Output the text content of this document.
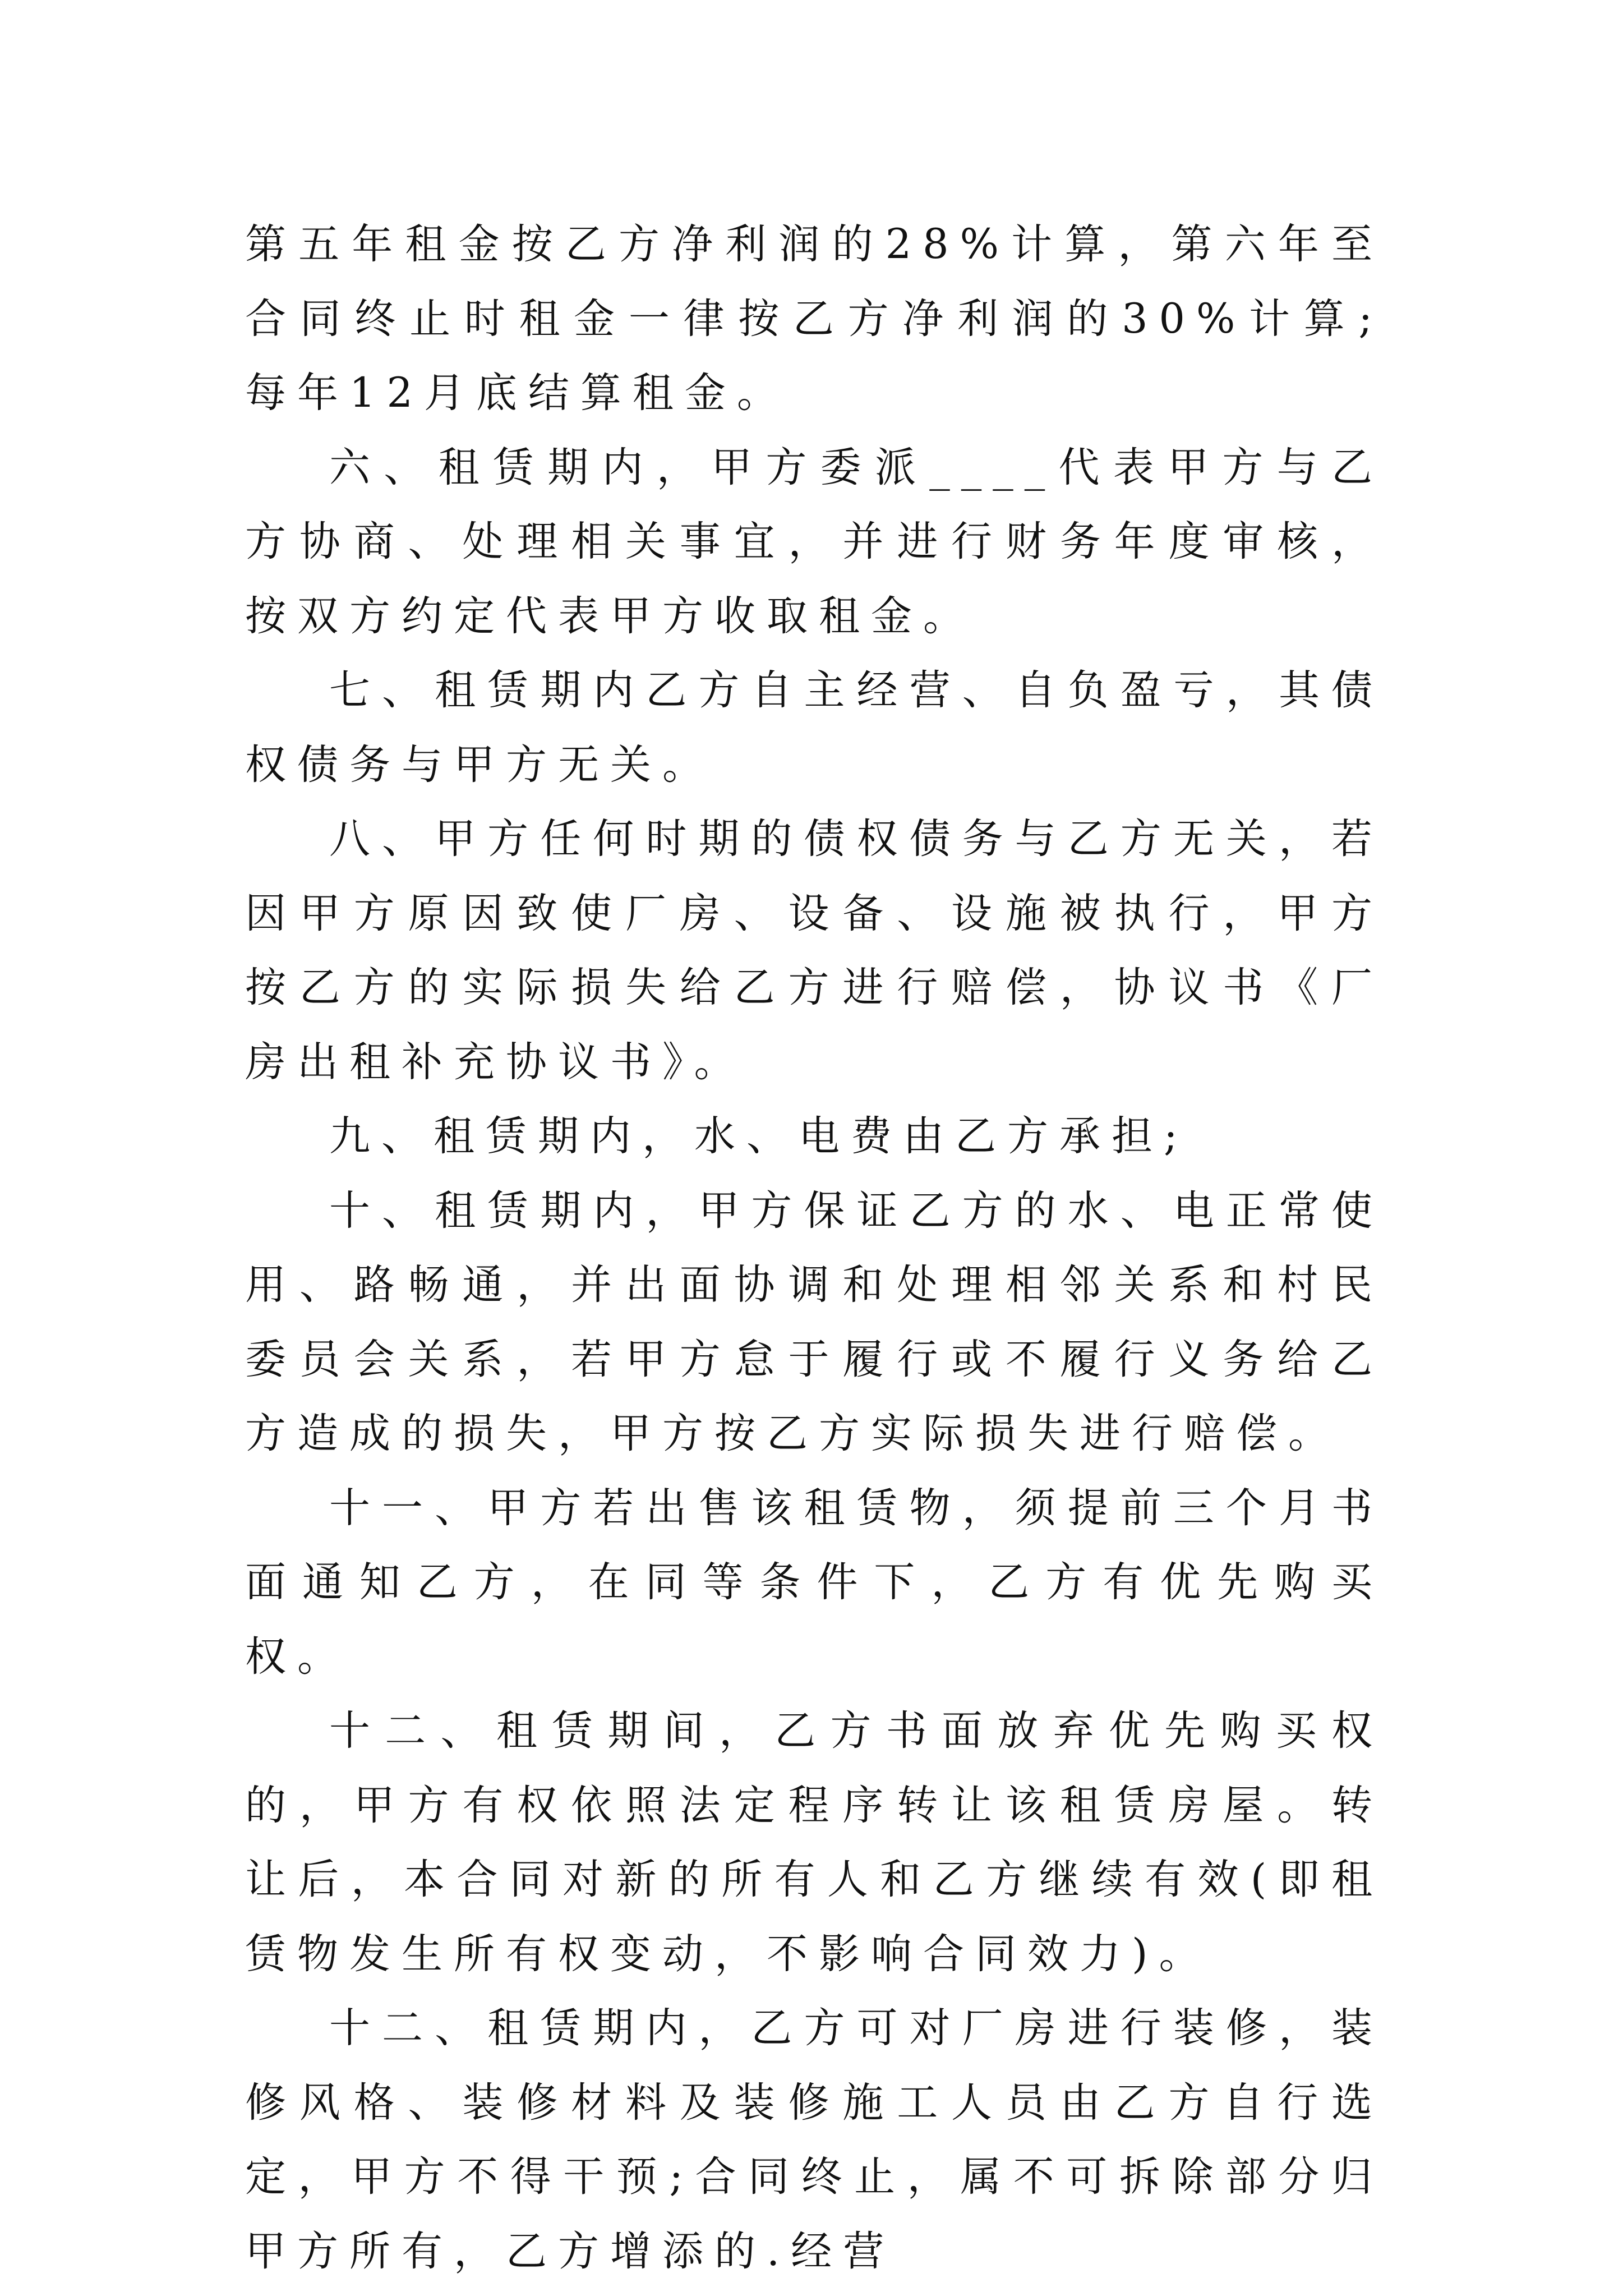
第五年租金按乙方净利润的28%计算，第六年至合同终止时租金一律按乙方净利润的30%计算;每年12月底结算租金。

六、租赁期内，甲方委派____代表甲方与乙方协商、处理相关事宜，并进行财务年度审核，按双方约定代表甲方收取租金。

七、租赁期内乙方自主经营、自负盈亏，其债权债务与甲方无关。

八、甲方任何时期的债权债务与乙方无关，若因甲方原因致使厂房、设备、设施被执行，甲方按乙方的实际损失给乙方进行赔偿，协议书《厂房出租补充协议书》。

九、租赁期内，水、电费由乙方承担;

十、租赁期内，甲方保证乙方的水、电正常使用、路畅通，并出面协调和处理相邻关系和村民委员会关系，若甲方怠于履行或不履行义务给乙方造成的损失，甲方按乙方实际损失进行赔偿。

十一、甲方若出售该租赁物，须提前三个月书面通知乙方，在同等条件下，乙方有优先购买权。

十二、租赁期间，乙方书面放弃优先购买权的，甲方有权依照法定程序转让该租赁房屋。转让后，本合同对新的所有人和乙方继续有效(即租赁物发生所有权变动，不影响合同效力)。

十二、租赁期内，乙方可对厂房进行装修，装修风格、装修材料及装修施工人员由乙方自行选定，甲方不得干预;合同终止，属不可拆除部分归甲方所有，乙方增添的.经营
